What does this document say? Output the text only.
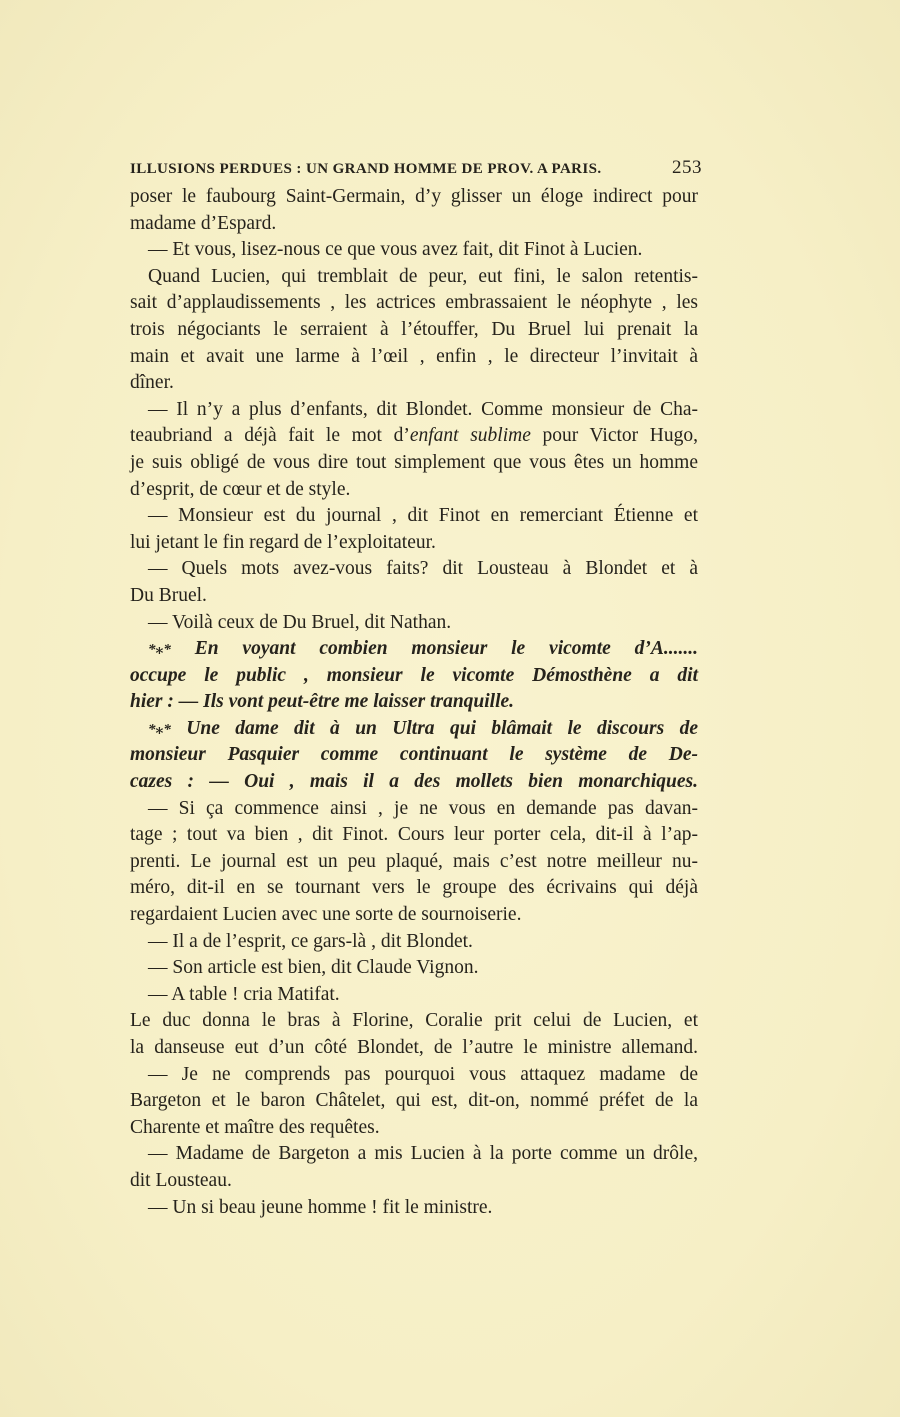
ILLUSIONS PERDUES : UN GRAND HOMME DE PROV. A PARIS.	253
poser le faubourg Saint-Germain, d’y glisser un éloge indirect pour
madame d’Espard.
— Et vous, lisez-nous ce que vous avez fait, dit Finot à Lucien.
Quand Lucien, qui tremblait de peur, eut fini, le salon retentis-
sait d’applaudissements , les actrices embrassaient le néophyte , les
trois négociants le serraient à l’étouffer, Du Bruel lui prenait la
main et avait une larme à l’œil , enfin , le directeur l’invitait à
dîner.
— Il n’y a plus d’enfants, dit Blondet. Comme monsieur de Cha-
teaubriand a déjà fait le mot d’enfant sublime pour Victor Hugo,
je suis obligé de vous dire tout simplement que vous êtes un homme
d’esprit, de cœur et de style.
— Monsieur est du journal , dit Finot en remerciant Étienne et
lui jetant le fin regard de l’exploitateur.
— Quels mots avez-vous faits? dit Lousteau à Blondet et à
Du Bruel.
— Voilà ceux de Du Bruel, dit Nathan.
*⁎* En voyant combien monsieur le vicomte d’A.......
occupe le public , monsieur le vicomte Démosthène a dit
hier : — Ils vont peut-être me laisser tranquille.
*⁎* Une dame dit à un Ultra qui blâmait le discours de
monsieur Pasquier comme continuant le système de De-
cazes : — Oui , mais il a des mollets bien monarchiques.
— Si ça commence ainsi , je ne vous en demande pas davan-
tage ; tout va bien , dit Finot. Cours leur porter cela, dit-il à l’ap-
prenti. Le journal est un peu plaqué, mais c’est notre meilleur nu-
méro, dit-il en se tournant vers le groupe des écrivains qui déjà
regardaient Lucien avec une sorte de sournoiserie.
— Il a de l’esprit, ce gars-là , dit Blondet.
— Son article est bien, dit Claude Vignon.
— A table ! cria Matifat.
Le duc donna le bras à Florine, Coralie prit celui de Lucien, et
la danseuse eut d’un côté Blondet, de l’autre le ministre allemand.
— Je ne comprends pas pourquoi vous attaquez madame de
Bargeton et le baron Châtelet, qui est, dit-on, nommé préfet de la
Charente et maître des requêtes.
— Madame de Bargeton a mis Lucien à la porte comme un drôle,
dit Lousteau.
— Un si beau jeune homme ! fit le ministre.
